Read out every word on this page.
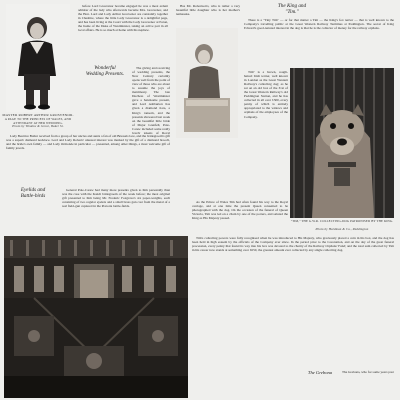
MASTER ROBERT ARTHUR GROSVENOR.
A PAGE TO THE PRINCESS OF WALES, AND ATTENDANT AT HER WEDDING.
Photo by Window & Grove, Baker St.

before Lord Grosvenor became engaged he was a most ardent admirer of the lady who afterwards became Mrs. Grosvenor, and the Hon. Lord and Lady Arthur Grosvenor are constantly together in Cheshire, where the little Lady Grosvenor is a delightful page, and has been living at the Court with the Lady Grosvenor at Eaton, the home of the Duke of Westminster, taking an active part in all local affairs. He is so much at home with his nephew.

Wonderful
Wedding Presents.

The giving and receiving of wedding presents, the New Century certainly opens well from the point of view of those who are about to assume the joys of matrimony. The late Duchess of Westminster gave a handsome present, and Lord Ashburton has given a diamond tiara, a King's ransom, and the presents showered last week on the beautiful little bride of Major Grenfell, Pole-Carew included some really lovely tokens of Royal

Lady Beatrice Butler received from a group of her uncles and aunts a fan of old Brussels lace, and the bridegroom's gift was a superb diamond necklace. Lord and Lady Roberts' unusual interest was marked by the gift of a diamond brooch, and the bride's own family — and Lady Ormonde in particular — presented, among other things, a most welcome gift of family jewels.

Eyelids and
Battle-birds

General Pole-Carew had many more presents given to him personally than was the case with the Kandi bridegroom of the week before; the most original gift presented to him being Mr. Frederic Foxgrave's six paper-weights, each consisting of two regular eyelets and a small brass gun cast from the metal of a real field-gun captured in the Pretoria battle-fields.

Has Mr. Robertson's, who is rather a very beautiful little daughter who is her mother's namesake.

The King and
"Tim."

There is a "Tiny Tim" — or for that matter a Tim — the King's fox terrier — that is well known to the Company's travelling public at the Great Western Railway Terminus at Paddington. The secret of King Edward's good-natured interest in the dog is that he is the collector of money for the railway orphans.

Tim" is a brown, rough-haired Irish terrier, well known in London as the Great Western Railway's collecting dog; as he sat on an old box of the 31st of the Great Western Railway's old Paddington Station, and he has collected in all over £300, every penny of which is entirely appropriated to the widows and orphans of the employees of the Company.

"TIM," THE G.W.R. COLLECTING-DOG PATRONISED BY THE KING.
Photo by Hardman & Co., Paddington

As the Prince of Wales Tim had often found his way to the Royal carriage, and at one time the present Queen consented to be photographed with the dog. On the occasion of the funeral of Queen Victoria, Tim was led on a chain by one of the porters, and saluted the King as His Majesty passed.

Tim's collecting powers were fully recognised when he was introduced to His Majesty, who graciously placed a coin in his box, and the dog has been held in high esteem by the officials of the Company ever since. In the period prior to the Coronation, and on the day of the great funeral procession, every penny that found its way into his box was devoted to the charity of the Railway Orphans' Fund; and the total sum collected by Tim in his career now stands at something over £650, the greatest amount ever collected by any single collecting dog.

The Grebona	The Grebona, who for some years past
